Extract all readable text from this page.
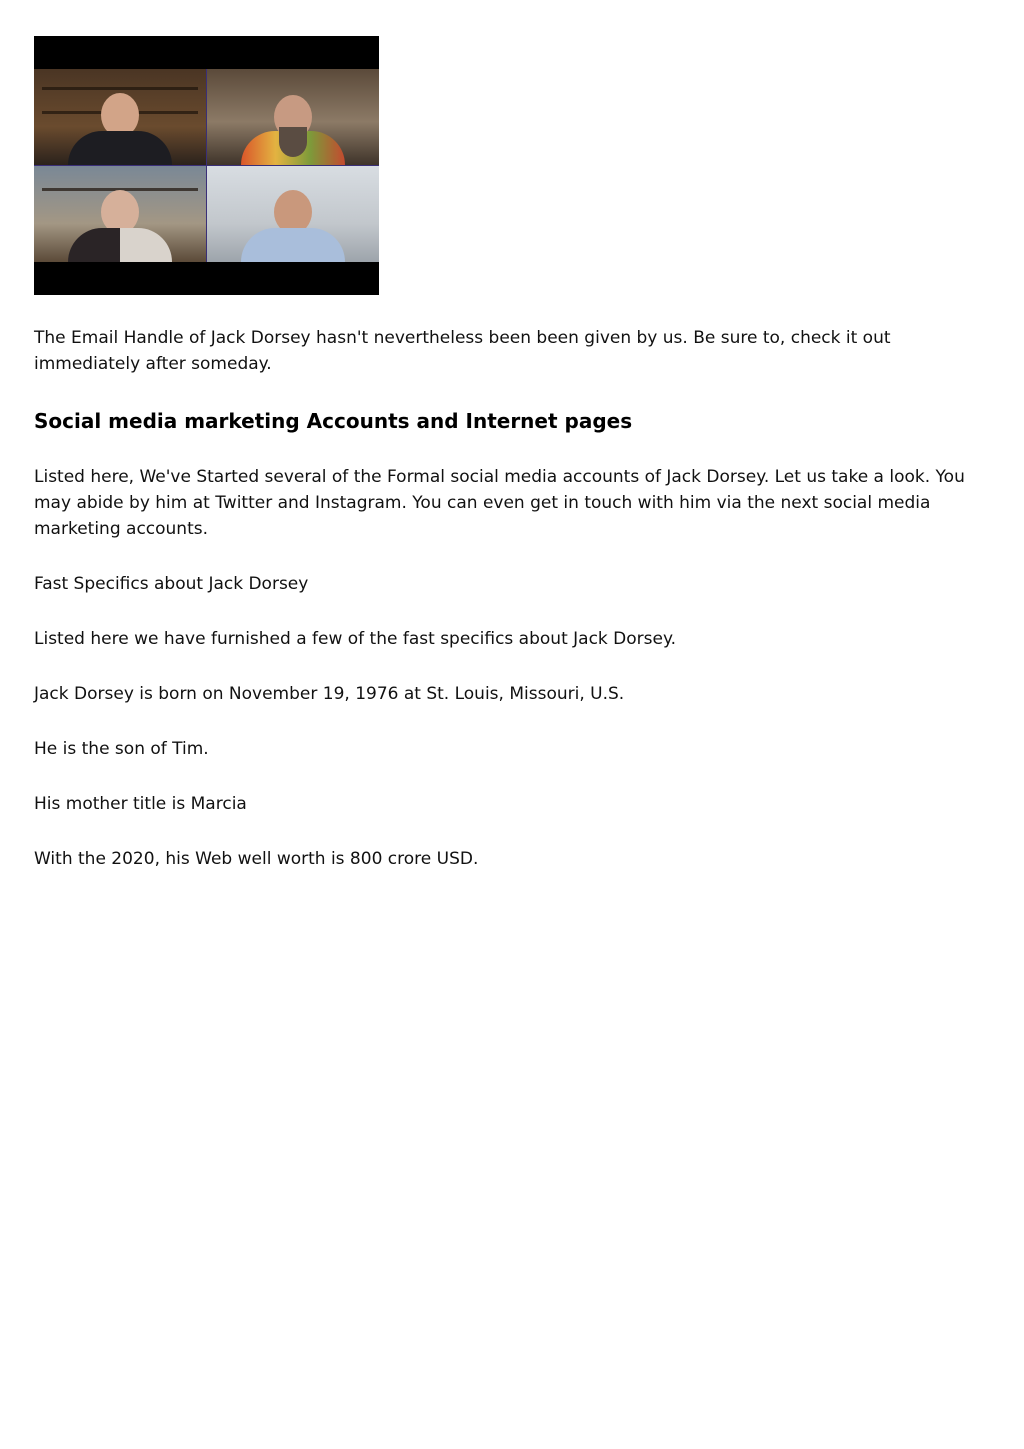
The Email Handle of Jack Dorsey hasn't nevertheless been been given by us. Be sure to, check it out immediately after someday.

Social media marketing Accounts and Internet pages

Listed here, We've Started several of the Formal social media accounts of Jack Dorsey. Let us take a look. You may abide by him at Twitter and Instagram. You can even get in touch with him via the next social media marketing accounts.

Fast Specifics about Jack Dorsey

Listed here we have furnished a few of the fast specifics about Jack Dorsey.

Jack Dorsey is born on November 19, 1976 at St. Louis, Missouri, U.S.

He is the son of Tim.

His mother title is Marcia

With the 2020, his Web well worth is 800 crore USD.
